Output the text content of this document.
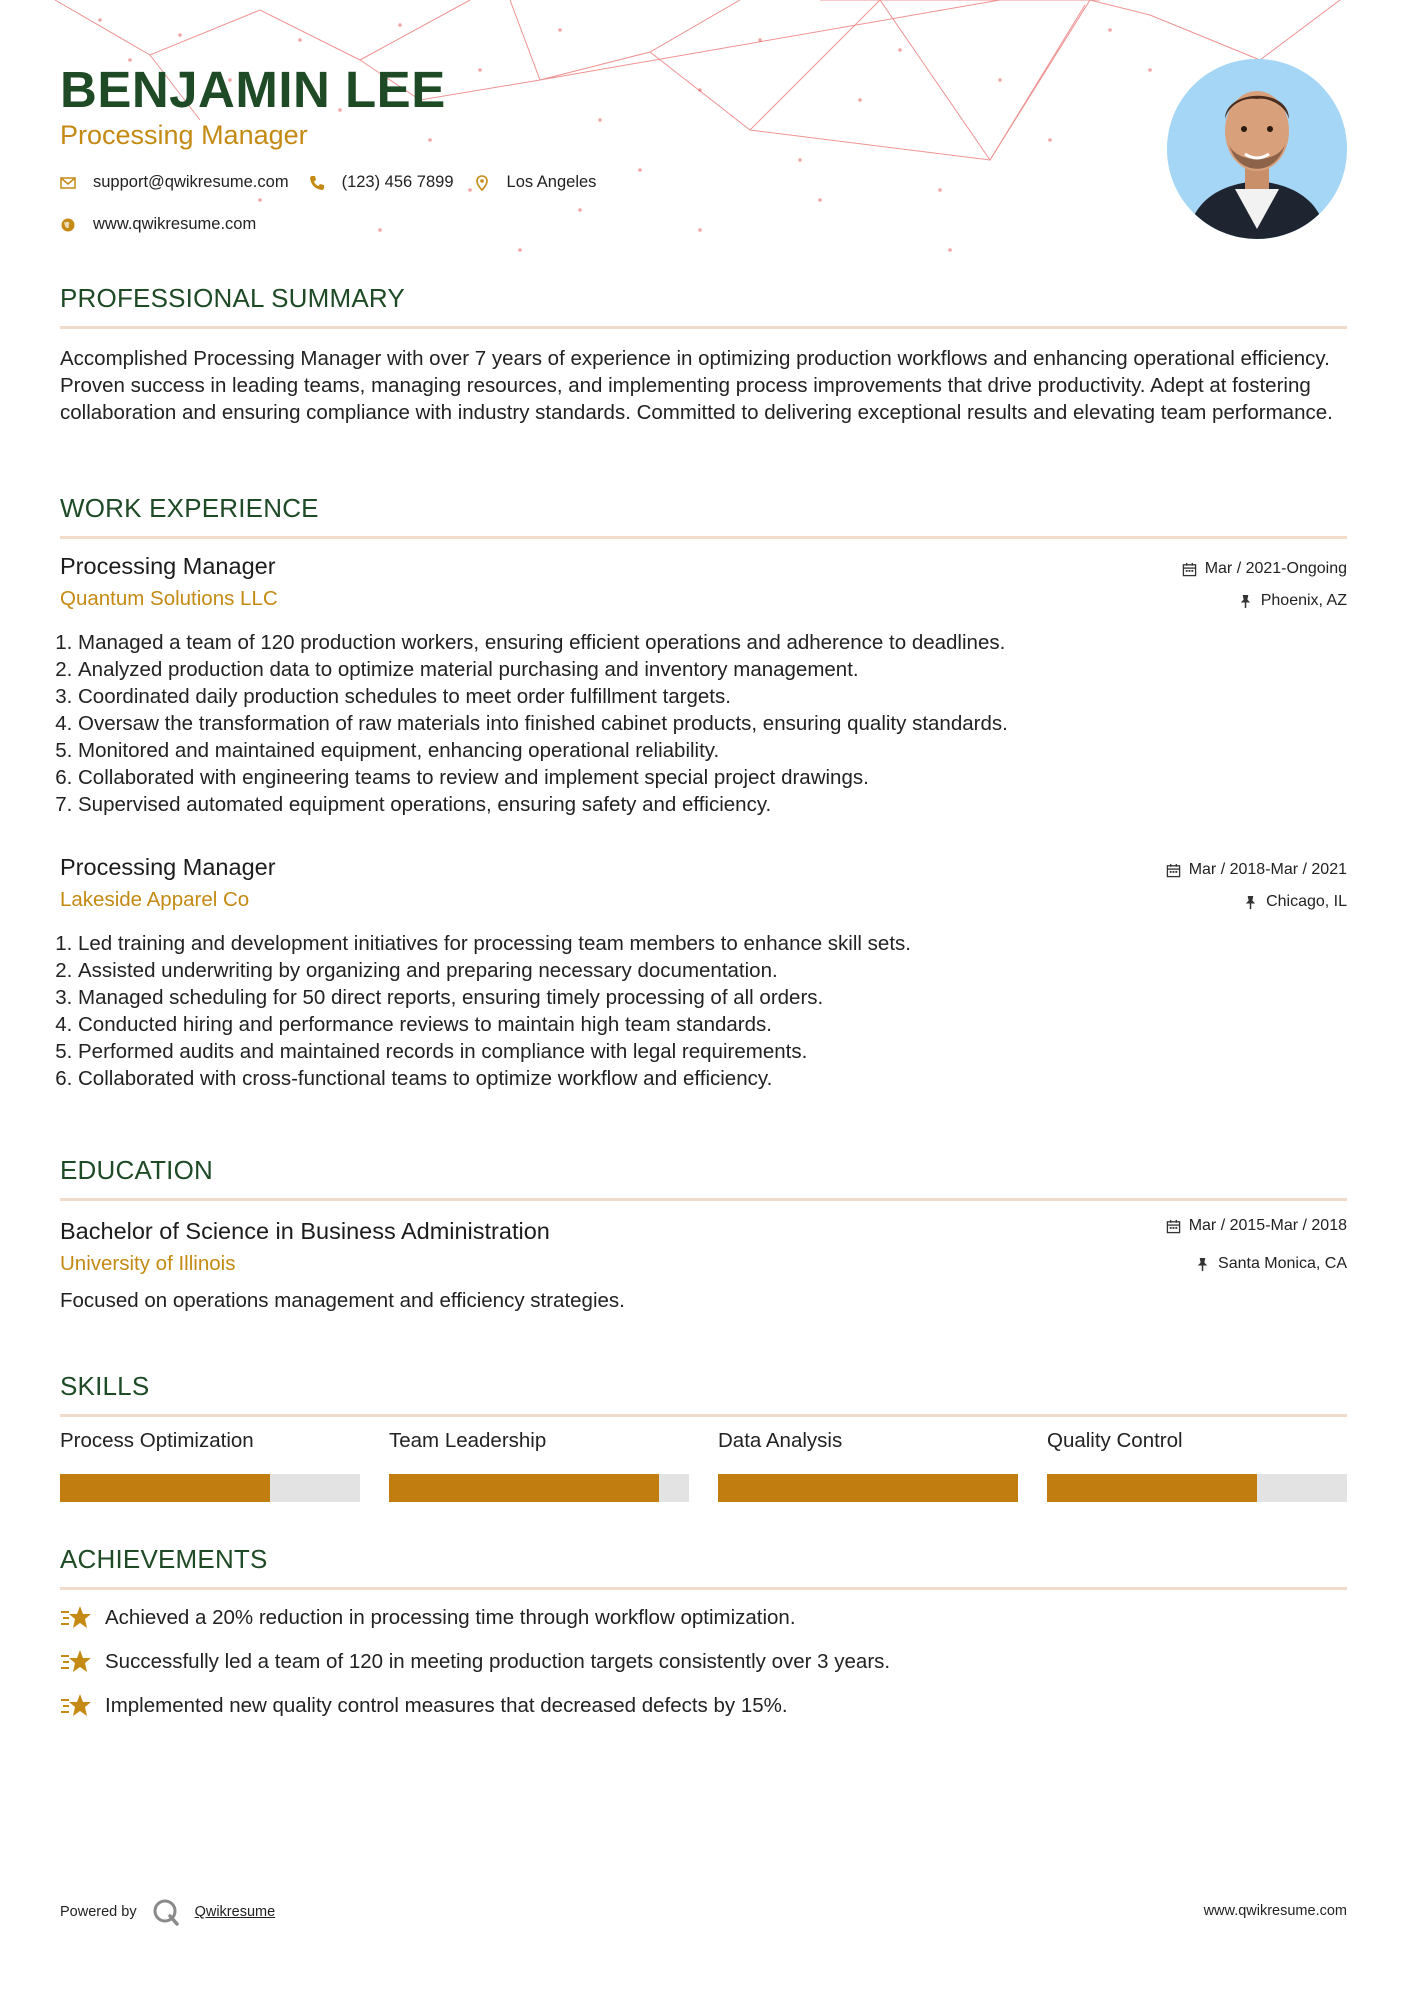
BENJAMIN LEE
Processing Manager
support@qwikresume.com	(123) 456 7899	Los Angeles
www.qwikresume.com
PROFESSIONAL SUMMARY

Accomplished Processing Manager with over 7 years of experience in optimizing production workflows and enhancing operational efficiency. Proven success in leading teams, managing resources, and implementing process improvements that drive productivity. Adept at fostering collaboration and ensuring compliance with industry standards. Committed to delivering exceptional results and elevating team performance.

WORK EXPERIENCE
Processing Manager
Quantum Solutions LLC
Mar / 2021-Ongoing
Phoenix, AZ
1. Managed a team of 120 production workers, ensuring efficient operations and adherence to deadlines.
2. Analyzed production data to optimize material purchasing and inventory management.
3. Coordinated daily production schedules to meet order fulfillment targets.
4. Oversaw the transformation of raw materials into finished cabinet products, ensuring quality standards.
5. Monitored and maintained equipment, enhancing operational reliability.
6. Collaborated with engineering teams to review and implement special project drawings.
7. Supervised automated equipment operations, ensuring safety and efficiency.
Processing Manager
Lakeside Apparel Co
Mar / 2018-Mar / 2021
Chicago, IL
1. Led training and development initiatives for processing team members to enhance skill sets.
2. Assisted underwriting by organizing and preparing necessary documentation.
3. Managed scheduling for 50 direct reports, ensuring timely processing of all orders.
4. Conducted hiring and performance reviews to maintain high team standards.
5. Performed audits and maintained records in compliance with legal requirements.
6. Collaborated with cross-functional teams to optimize workflow and efficiency.
EDUCATION
Bachelor of Science in Business Administration
University of Illinois
Mar / 2015-Mar / 2018
Santa Monica, CA
Focused on operations management and efficiency strategies.
SKILLS
Process Optimization	Team Leadership	Data Analysis	Quality Control
ACHIEVEMENTS
Achieved a 20% reduction in processing time through workflow optimization.
Successfully led a team of 120 in meeting production targets consistently over 3 years.
Implemented new quality control measures that decreased defects by 15%.
Powered by	Qwikresume	www.qwikresume.com
